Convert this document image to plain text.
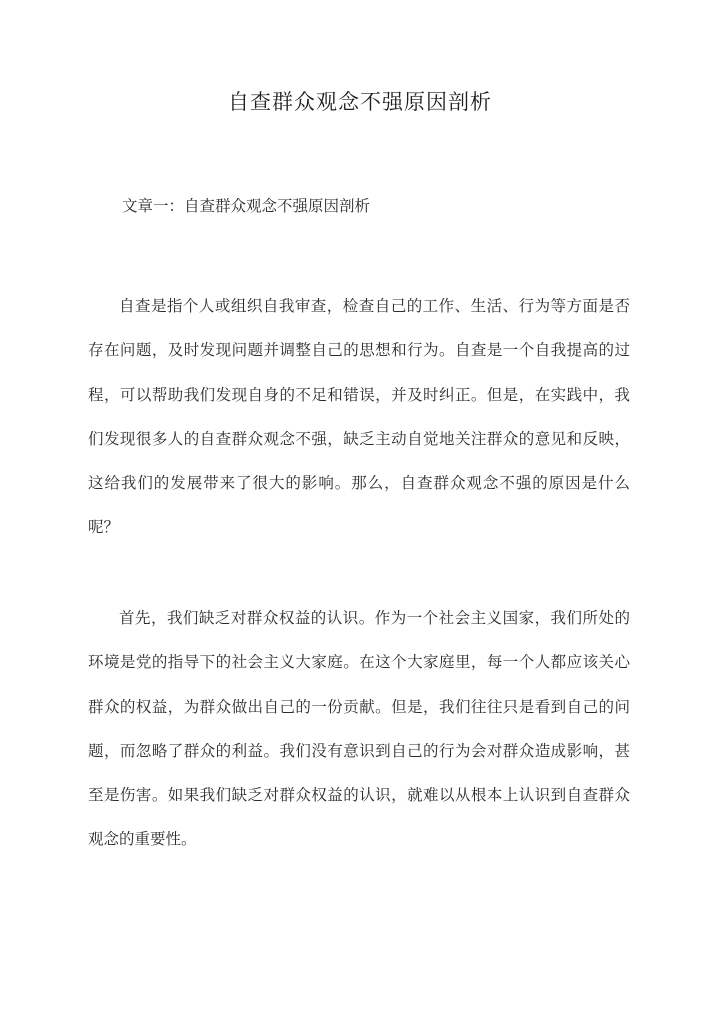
自查群众观念不强原因剖析
文章一：自查群众观念不强原因剖析

自查是指个人或组织自我审查，检查自己的工作、生活、行为等方面是否存在问题，及时发现问题并调整自己的思想和行为。自查是一个自我提高的过程，可以帮助我们发现自身的不足和错误，并及时纠正。但是，在实践中，我们发现很多人的自查群众观念不强，缺乏主动自觉地关注群众的意见和反映，这给我们的发展带来了很大的影响。那么，自查群众观念不强的原因是什么呢？

首先，我们缺乏对群众权益的认识。作为一个社会主义国家，我们所处的环境是党的指导下的社会主义大家庭。在这个大家庭里，每一个人都应该关心群众的权益，为群众做出自己的一份贡献。但是，我们往往只是看到自己的问题，而忽略了群众的利益。我们没有意识到自己的行为会对群众造成影响，甚至是伤害。如果我们缺乏对群众权益的认识，就难以从根本上认识到自查群众观念的重要性。
